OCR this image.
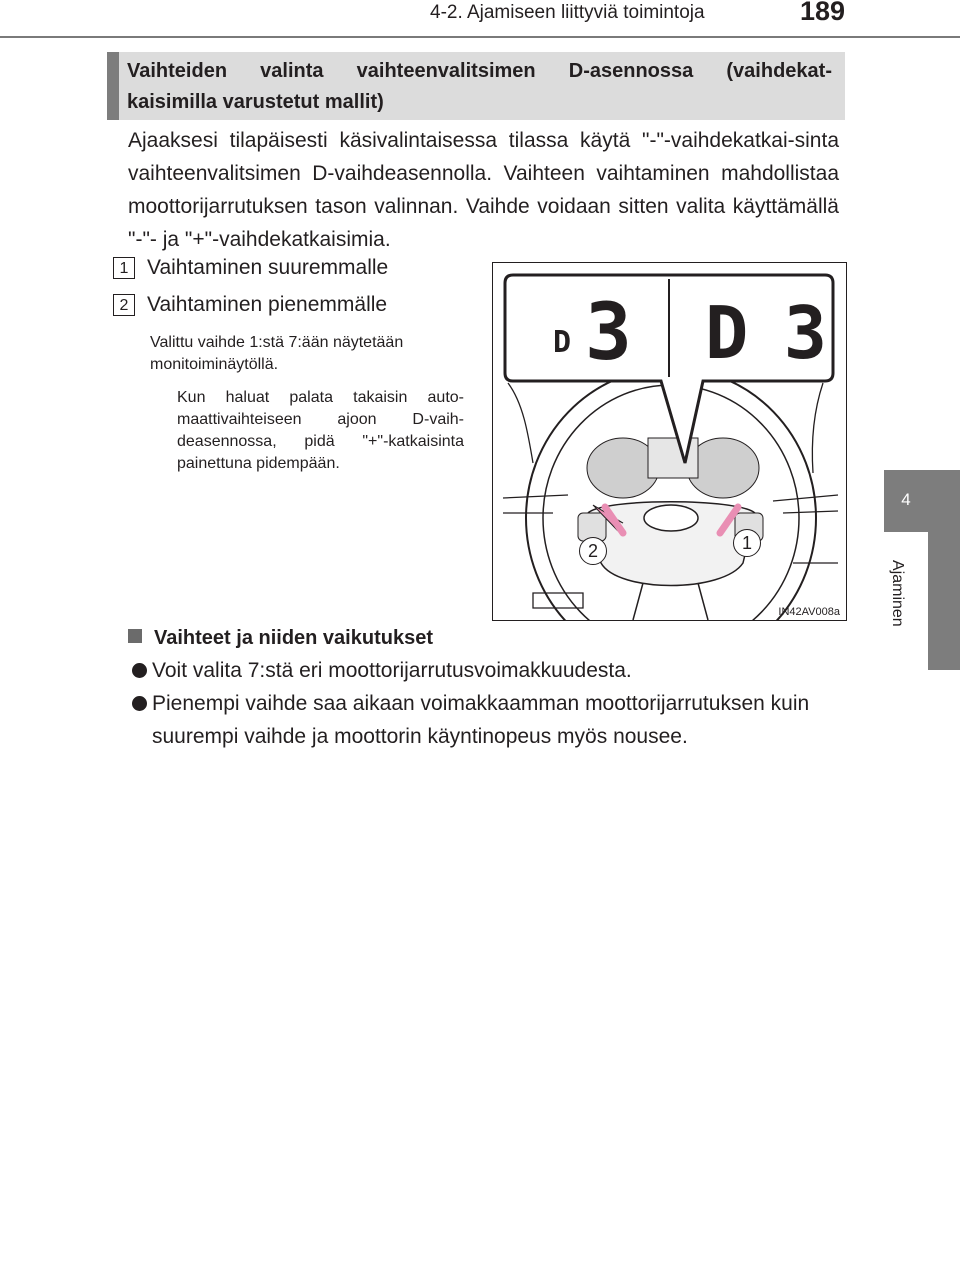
4-2. Ajamiseen liittyviä toimintoja	189
4
Ajaminen
Vaihteiden valinta vaihteenvalitsimen D-asennossa (vaihdekat-
kaisimilla varustetut mallit)
Ajaaksesi tilapäisesti käsivalintaisessa tilassa käytä "-"-vaihdekatkai-sinta vaihteenvalitsimen D-vaihdeasennolla. Vaihteen vaihtaminen mahdollistaa moottorijarrutuksen tason valinnan. Vaihde voidaan sitten valita käyttämällä "-"- ja "+"-vaihdekatkaisimia.
1 Vaihtaminen suuremmalle
2 Vaihtaminen pienemmälle
Valittu vaihde 1:stä 7:ään näytetään monitoiminäytöllä.
Kun haluat palata takaisin auto-maattivaihteiseen ajoon D-vaih-deasennossa, pidä "+"-katkaisinta painettuna pidempään.
D 3 D 3
2	1
IN42AV008a
Vaihteet ja niiden vaikutukset
Voit valita 7:stä eri moottorijarrutusvoimakkuudesta.
Pienempi vaihde saa aikaan voimakkaamman moottorijarrutuksen kuin suurempi vaihde ja moottorin käyntinopeus myös nousee.
